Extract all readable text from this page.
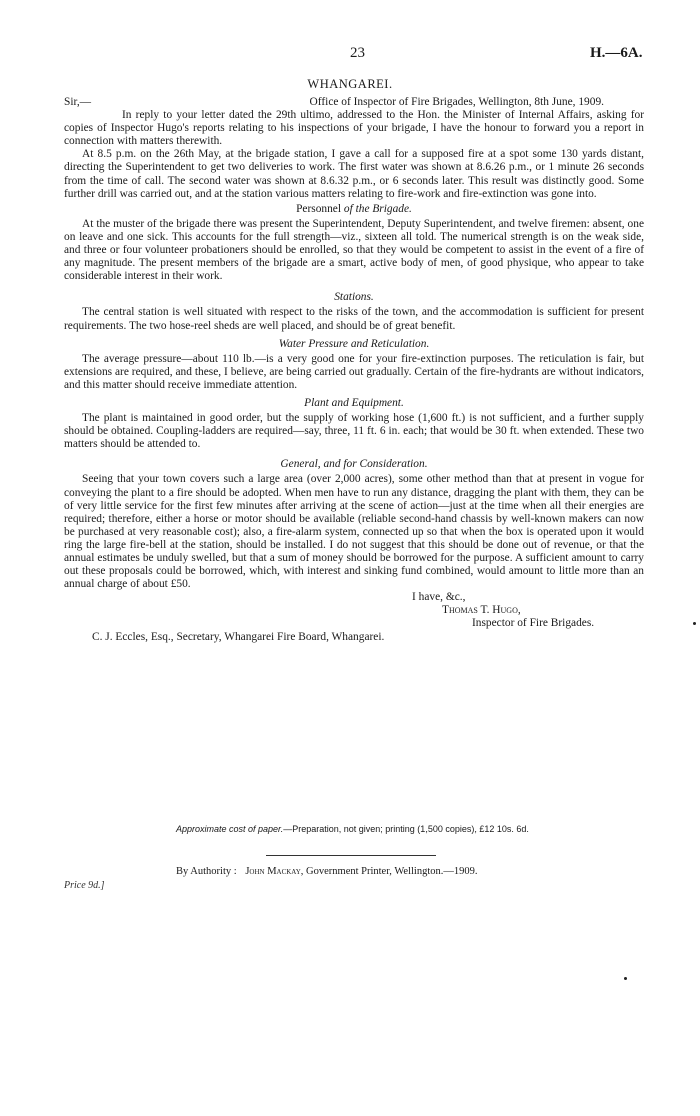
23	H.—6A.
WHANGAREI.
Sir,—	Office of Inspector of Fire Brigades, Wellington, 8th June, 1909.

In reply to your letter dated the 29th ultimo, addressed to the Hon. the Minister of Internal Affairs, asking for copies of Inspector Hugo's reports relating to his inspections of your brigade, I have the honour to forward you a report in connection with matters therewith.

At 8.5 p.m. on the 26th May, at the brigade station, I gave a call for a supposed fire at a spot some 130 yards distant, directing the Superintendent to get two deliveries to work. The first water was shown at 8.6.26 p.m., or 1 minute 26 seconds from the time of call. The second water was shown at 8.6.32 p.m., or 6 seconds later. This result was distinctly good. Some further drill was carried out, and at the station various matters relating to fire-work and fire-extinction was gone into.

Personnel of the Brigade.

At the muster of the brigade there was present the Superintendent, Deputy Superintendent, and twelve firemen: absent, one on leave and one sick. This accounts for the full strength—viz., sixteen all told. The numerical strength is on the weak side, and three or four volunteer probationers should be enrolled, so that they would be competent to assist in the event of a fire of any magnitude. The present members of the brigade are a smart, active body of men, of good physique, who appear to take considerable interest in their work.

Stations.

The central station is well situated with respect to the risks of the town, and the accommodation is sufficient for present requirements. The two hose-reel sheds are well placed, and should be of great benefit.

Water Pressure and Reticulation.

The average pressure—about 110 lb.—is a very good one for your fire-extinction purposes. The reticulation is fair, but extensions are required, and these, I believe, are being carried out gradually. Certain of the fire-hydrants are without indicators, and this matter should receive immediate attention.

Plant and Equipment.

The plant is maintained in good order, but the supply of working hose (1,600 ft.) is not sufficient, and a further supply should be obtained. Coupling-ladders are required—say, three, 11 ft. 6 in. each; that would be 30 ft. when extended. These two matters should be attended to.

General, and for Consideration.

Seeing that your town covers such a large area (over 2,000 acres), some other method than that at present in vogue for conveying the plant to a fire should be adopted. When men have to run any distance, dragging the plant with them, they can be of very little service for the first few minutes after arriving at the scene of action—just at the time when all their energies are required; therefore, either a horse or motor should be available (reliable second-hand chassis by well-known makers can now be purchased at very reasonable cost); also, a fire-alarm system, connected up so that when the box is operated upon it would ring the large fire-bell at the station, should be installed. I do not suggest that this should be done out of revenue, or that the annual estimates be unduly swelled, but that a sum of money should be borrowed for the purpose. A sufficient amount to carry out these proposals could be borrowed, which, with interest and sinking fund combined, would amount to little more than an annual charge of about £50.

I have, &c.,

Thomas T. Hugo,

Inspector of Fire Brigades.

C. J. Eccles, Esq., Secretary, Whangarei Fire Board, Whangarei.

Approximate cost of paper.—Preparation, not given; printing (1,500 copies), £12 10s. 6d.
By Authority : John Mackay, Government Printer, Wellington.—1909.
Price 9d.]
